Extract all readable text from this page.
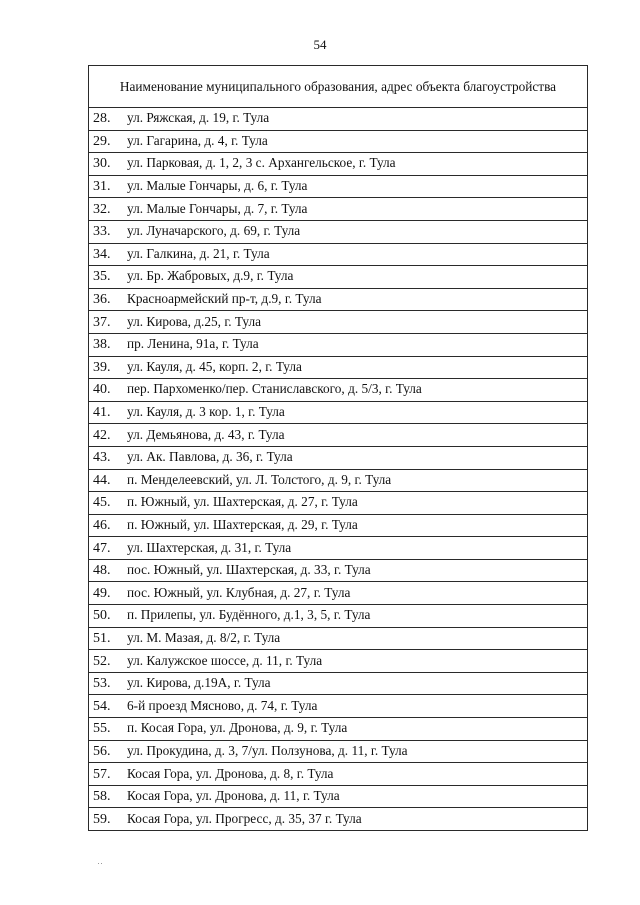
54
Наименование муниципального образования, адрес объекта благоустройства
28. ул. Ряжская, д. 19, г. Тула
29. ул. Гагарина, д. 4, г. Тула
30. ул. Парковая, д. 1, 2, 3 с. Архангельское, г. Тула
31. ул. Малые Гончары, д. 6, г. Тула
32. ул. Малые Гончары, д. 7, г. Тула
33. ул. Луначарского, д. 69, г. Тула
34. ул. Галкина, д. 21, г. Тула
35. ул. Бр. Жабровых, д.9, г. Тула
36. Красноармейский пр-т, д.9, г. Тула
37. ул. Кирова, д.25, г. Тула
38. пр. Ленина, 91а, г. Тула
39. ул. Кауля, д. 45, корп. 2, г. Тула
40. пер. Пархоменко/пер. Станиславского, д. 5/3, г. Тула
41. ул. Кауля, д. 3 кор. 1, г. Тула
42. ул. Демьянова, д. 43, г. Тула
43. ул. Ак. Павлова, д. 36, г. Тула
44. п. Менделеевский, ул. Л. Толстого, д. 9, г. Тула
45. п. Южный, ул. Шахтерская, д. 27, г. Тула
46. п. Южный, ул. Шахтерская, д. 29, г. Тула
47. ул. Шахтерская, д. 31, г. Тула
48. пос. Южный, ул. Шахтерская, д. 33, г. Тула
49. пос. Южный, ул. Клубная, д. 27, г. Тула
50. п. Прилепы, ул. Будённого, д.1, 3, 5, г. Тула
51. ул. М. Мазая, д. 8/2, г. Тула
52. ул. Калужское шоссе, д. 11, г. Тула
53. ул. Кирова, д.19А, г. Тула
54. 6-й проезд Мясново, д. 74, г. Тула
55. п. Косая Гора, ул. Дронова, д. 9, г. Тула
56. ул. Прокудина, д. 3, 7/ул. Ползунова, д. 11, г. Тула
57. Косая Гора, ул. Дронова, д. 8, г. Тула
58. Косая Гора, ул. Дронова, д. 11, г. Тула
59. Косая Гора, ул. Прогресс, д. 35, 37 г. Тула
